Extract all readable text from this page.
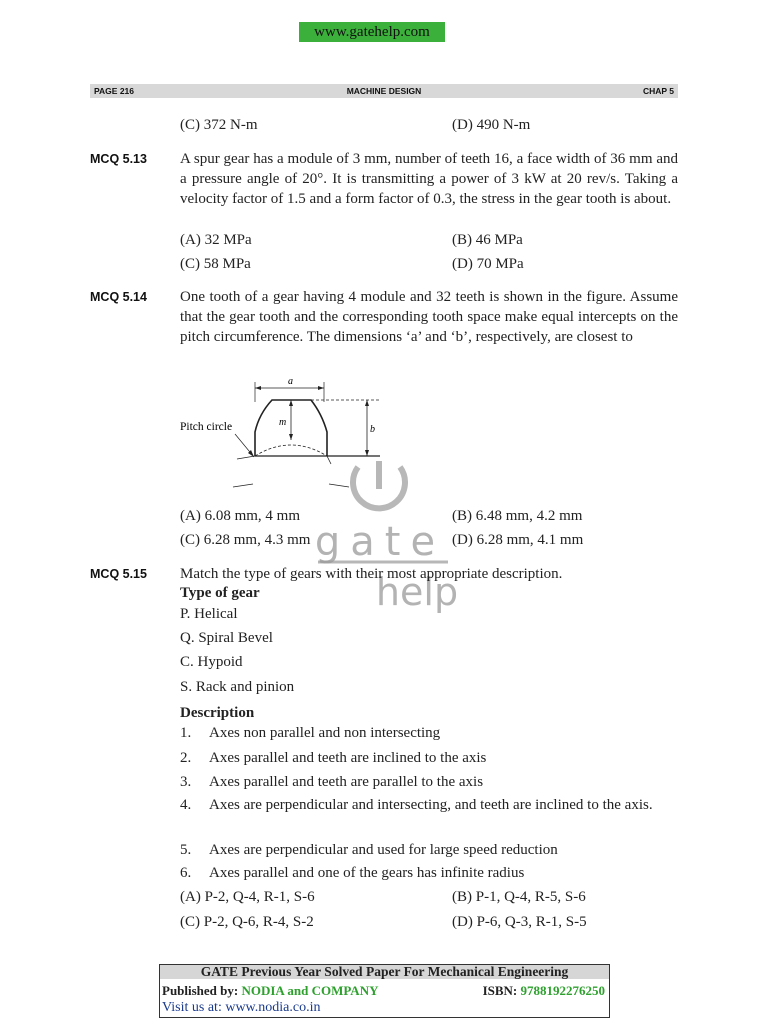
www.gatehelp.com
PAGE 216	MACHINE DESIGN	CHAP 5
(C) 372 N-m	(D) 490 N-m
MCQ 5.13 A spur gear has a module of 3 mm, number of teeth 16, a face width of 36 mm and a pressure angle of 20°. It is transmitting a power of 3 kW at 20 rev/s. Taking a velocity factor of 1.5 and a form factor of 0.3, the stress in the gear tooth is about.
(A) 32 MPa	(B) 46 MPa
(C) 58 MPa	(D) 70 MPa
MCQ 5.14 One tooth of a gear having 4 module and 32 teeth is shown in the figure. Assume that the gear tooth and the corresponding tooth space make equal intercepts on the pitch circumference. The dimensions ‘a’ and ‘b’, respectively, are closest to
a
m
b
Pitch circle
gate
help
(A) 6.08 mm, 4 mm	(B) 6.48 mm, 4.2 mm
(C) 6.28 mm, 4.3 mm	(D) 6.28 mm, 4.1 mm
MCQ 5.15 Match the type of gears with their most appropriate description.
Type of gear
P. Helical
Q. Spiral Bevel
C. Hypoid
S. Rack and pinion
Description
1. Axes non parallel and non intersecting
2. Axes parallel and teeth are inclined to the axis
3. Axes parallel and teeth are parallel to the axis
4. Axes are perpendicular and intersecting, and teeth are inclined to the axis.
5. Axes are perpendicular and used for large speed reduction
6. Axes parallel and one of the gears has infinite radius
(A) P-2, Q-4, R-1, S-6	(B) P-1, Q-4, R-5, S-6
(C) P-2, Q-6, R-4, S-2	(D) P-6, Q-3, R-1, S-5
GATE Previous Year Solved Paper For Mechanical Engineering
Published by: NODIA and COMPANY	ISBN: 9788192276250
Visit us at: www.nodia.co.in
